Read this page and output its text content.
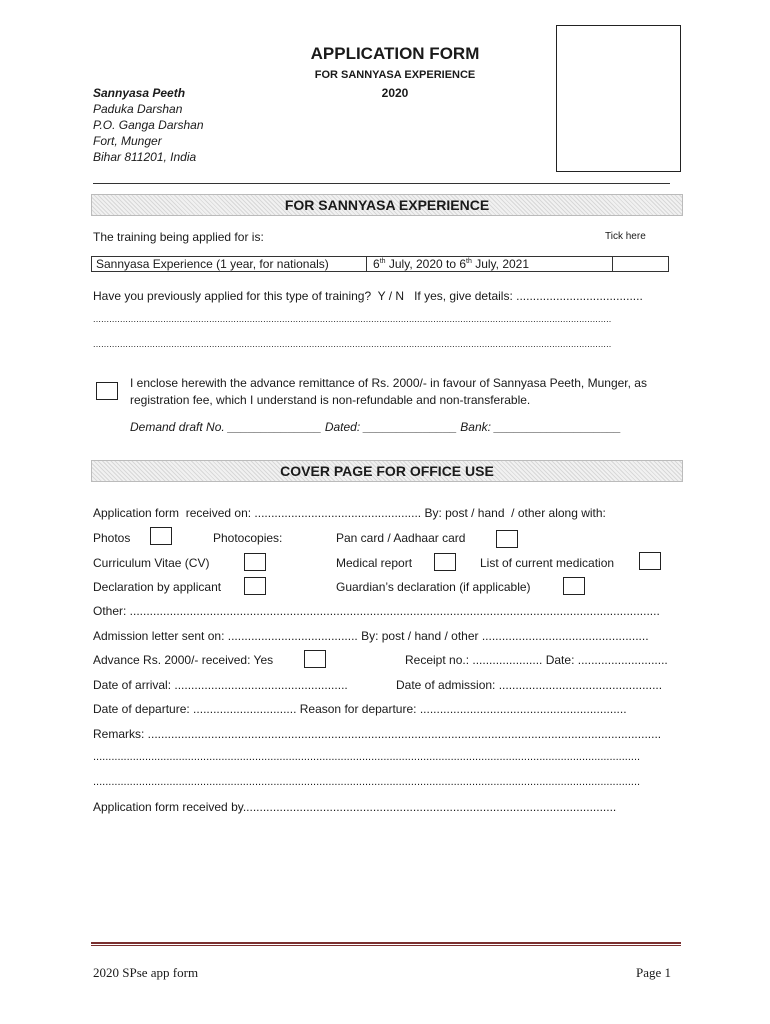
APPLICATION FORM
FOR SANNYASA EXPERIENCE
2020
Sannyasa Peeth
Paduka Darshan
P.O. Ganga Darshan
Fort, Munger
Bihar 811201, India
FOR SANNYASA EXPERIENCE
The training being applied for is:	Tick here
Sannyasa Experience (1 year, for nationals)	6th July, 2020 to 6th July, 2021
Have you previously applied for this type of training?  Y / N   If yes, give details: ......................................
................................................................................................................................................................................................
................................................................................................................................................................................................
I enclose herewith the advance remittance of Rs. 2000/- in favour of Sannyasa Peeth, Munger, as registration fee, which I understand is non-refundable and non-transferable.
Demand draft No. ______________ Dated: ______________ Bank: ___________________
COVER PAGE FOR OFFICE USE
Application form  received on: .................................................. By: post / hand  / other along with:
Photos	Photocopies:	Pan card / Aadhaar card
Curriculum Vitae (CV)	Medical report	List of current medication
Declaration by applicant	Guardian’s declaration (if applicable)
Other: ...............................................................................................................................................................
Admission letter sent on: ....................................... By: post / hand / other ..................................................
Advance Rs. 2000/- received: Yes	Receipt no.: ..................... Date: ...........................
Date of arrival: ....................................................	Date of admission: .................................................
Date of departure: ............................... Reason for departure: ..............................................................
Remarks: ..........................................................................................................................................................
...................................................................................................................................................................................
...................................................................................................................................................................................
Application form received by................................................................................................................
2020 SPse app form	Page 1
